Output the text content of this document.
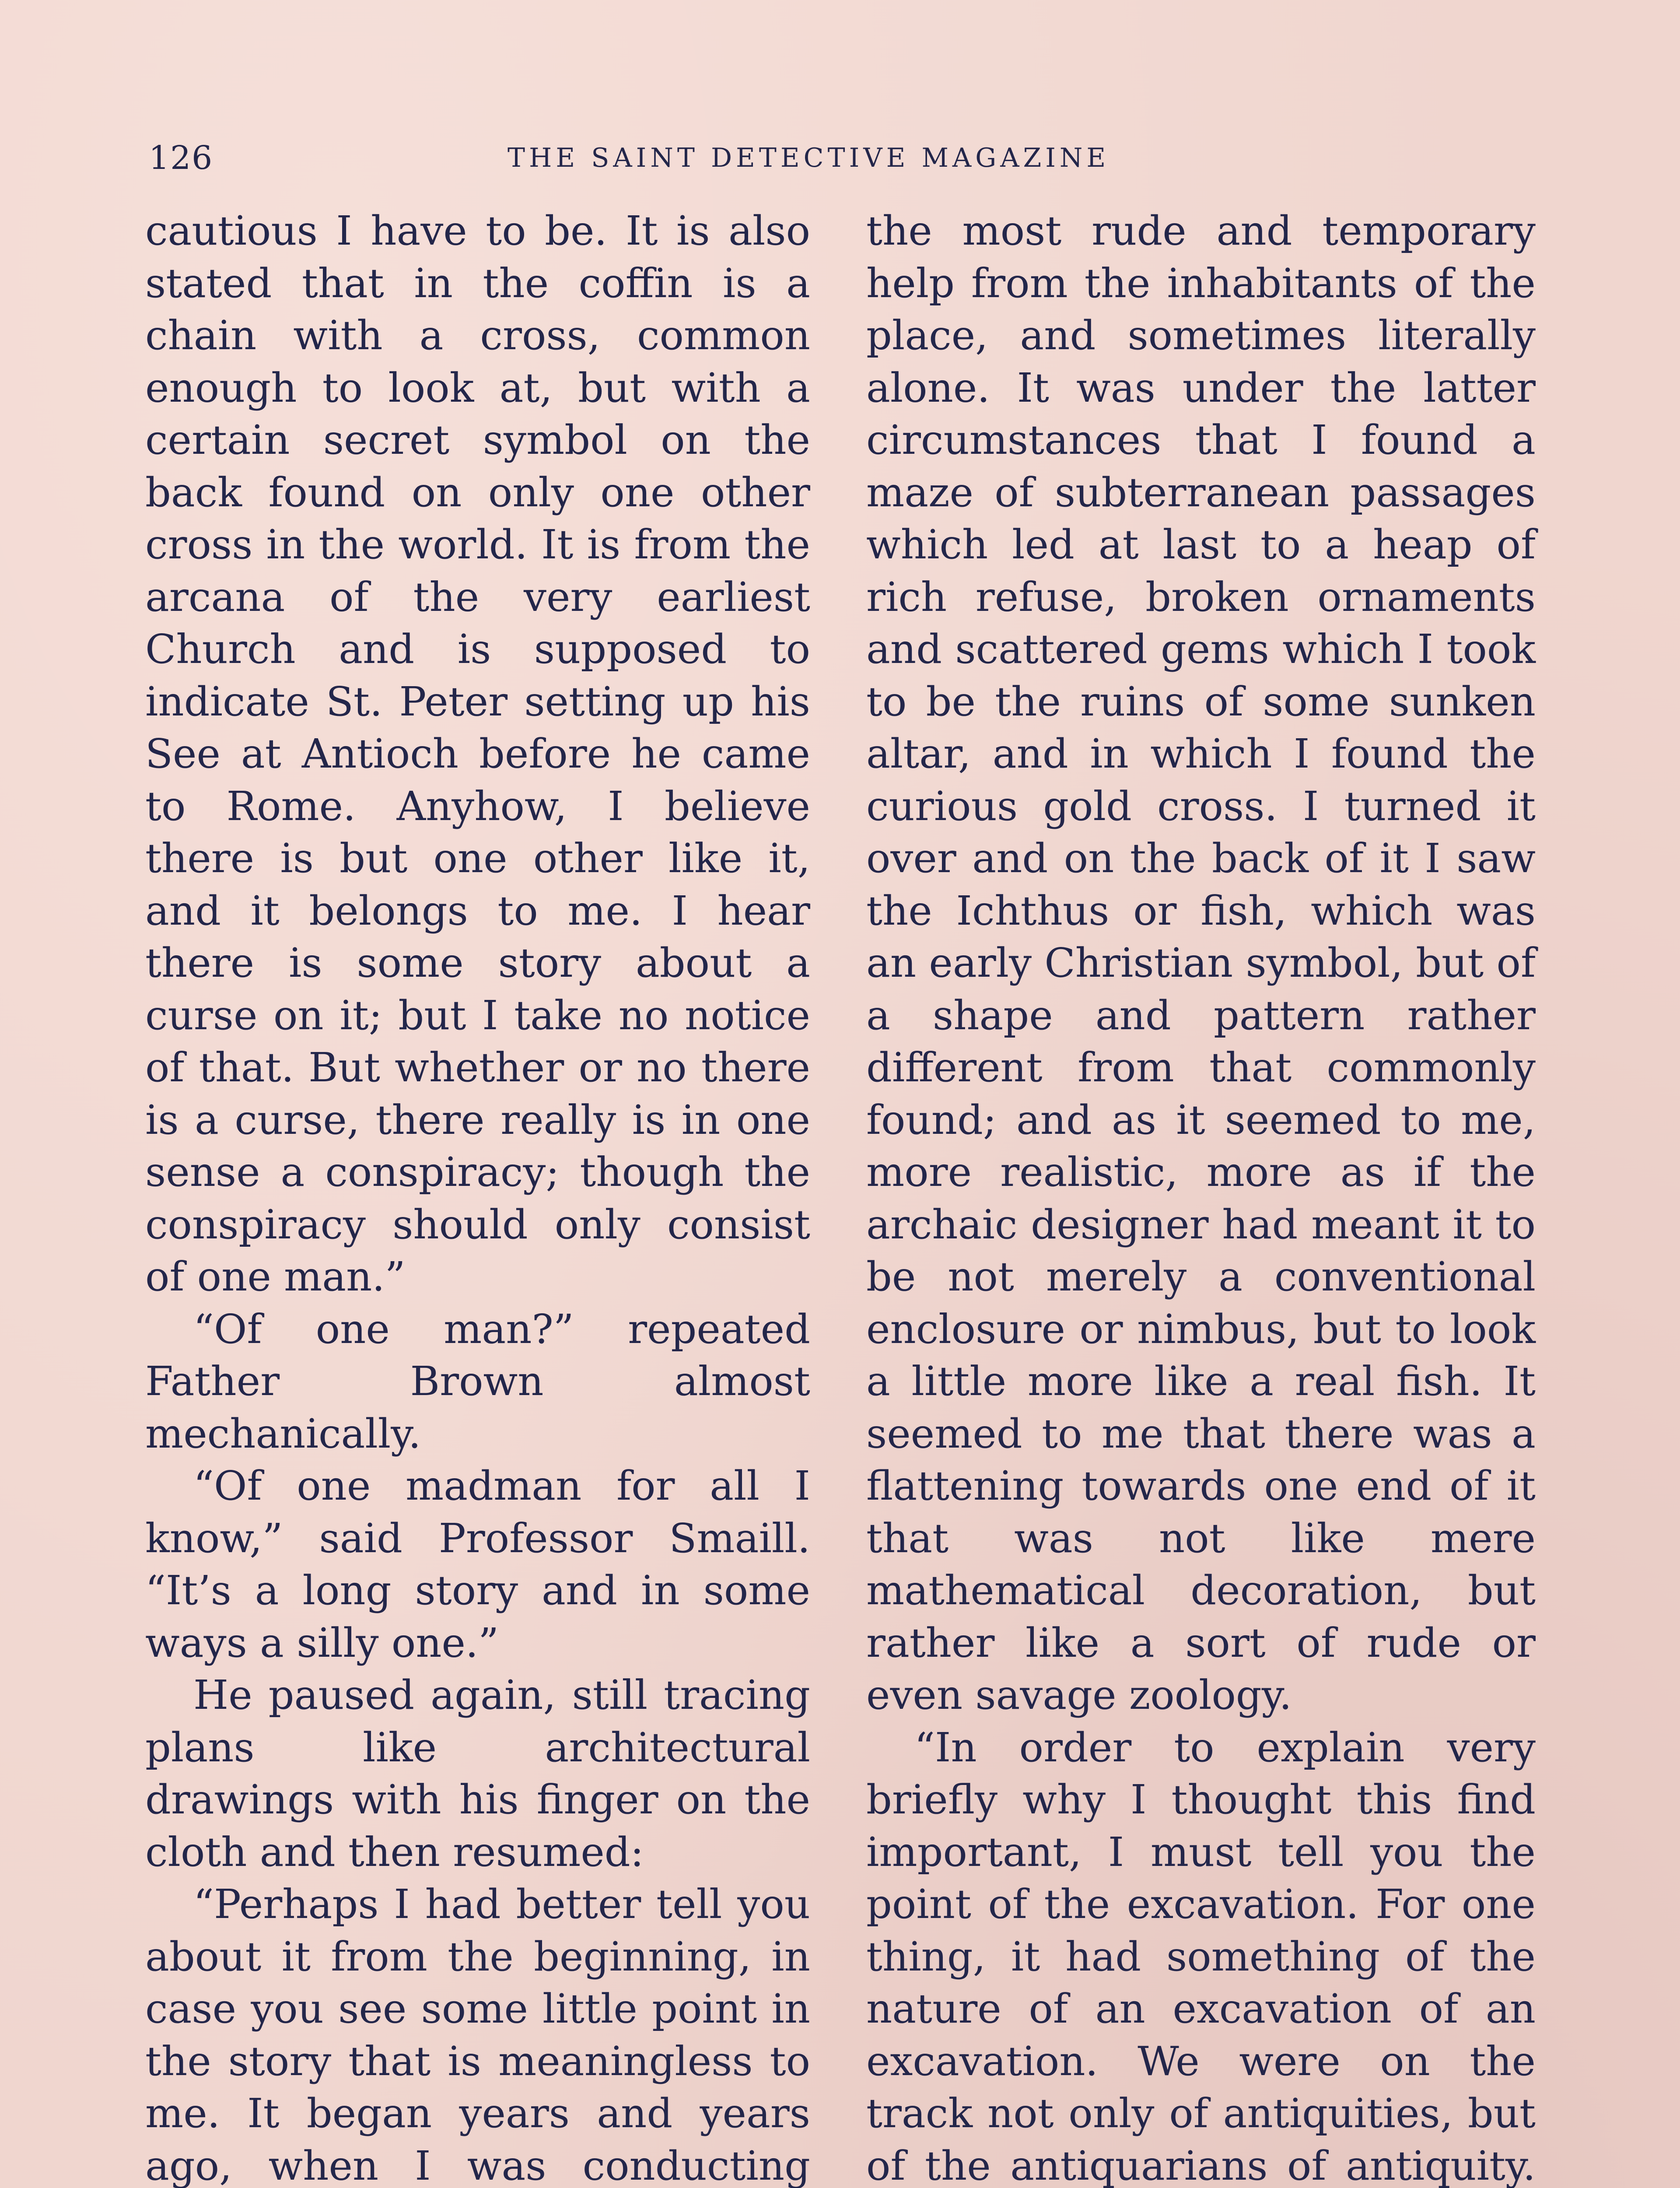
126	THE SAINT DETECTIVE MAGAZINE

cautious I have to be. It is also stated that in the coffin is a chain with a cross, common enough to look at, but with a certain secret symbol on the back found on only one other cross in the world. It is from the arcana of the very earliest Church and is supposed to indicate St. Peter setting up his See at Antioch before he came to Rome. Anyhow, I believe there is but one other like it, and it belongs to me. I hear there is some story about a curse on it; but I take no notice of that. But whether or no there is a curse, there really is in one sense a conspiracy; though the conspiracy should only consist of one man.”

“Of one man?” repeated Father Brown almost mechanically.

“Of one madman for all I know,” said Professor Smaill. “It’s a long story and in some ways a silly one.”

He paused again, still tracing plans like architectural drawings with his finger on the cloth and then resumed:

“Perhaps I had better tell you about it from the beginning, in case you see some little point in the story that is meaningless to me. It began years and years ago, when I was conducting

the most rude and temporary help from the inhabitants of the place, and sometimes literally alone. It was under the latter circumstances that I found a maze of subterranean passages which led at last to a heap of rich refuse, broken ornaments and scattered gems which I took to be the ruins of some sunken altar, and in which I found the curious gold cross. I turned it over and on the back of it I saw the Ichthus or fish, which was an early Christian symbol, but of a shape and pattern rather different from that commonly found; and as it seemed to me, more realistic, more as if the archaic designer had meant it to be not merely a conventional enclosure or nimbus, but to look a little more like a real fish. It seemed to me that there was a flattening towards one end of it that was not like mere mathematical decoration, but rather like a sort of rude or even savage zoology.

“In order to explain very briefly why I thought this find important, I must tell you the point of the excavation. For one thing, it had something of the nature of an excavation of an excavation. We were on the track not only of antiquities, but of the antiquarians of antiquity.
